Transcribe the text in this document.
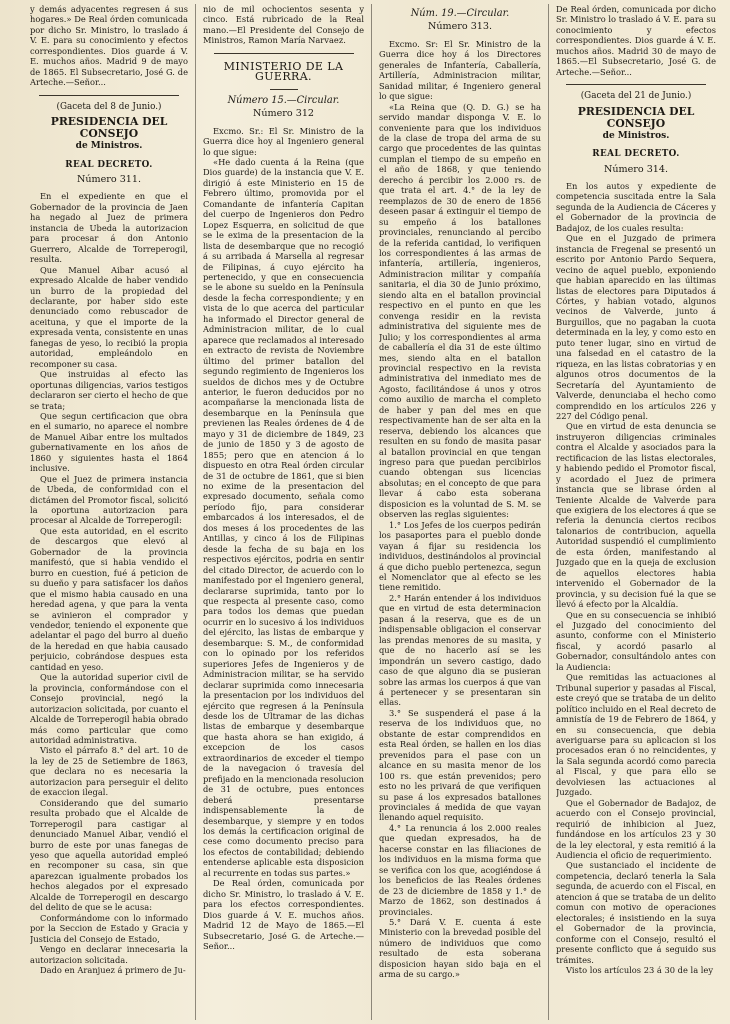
y demás adyacentes regresen á sus hogares.» De Real órden comunicada por dicho Sr. Ministro, lo traslado á V. E. para su conocimiento y efectos correspondientes. Dios guarde á V. E. muchos años. Madrid 9 de mayo de 1865. El Subsecretario, José G. de Arteche.—Señor...

(Gaceta del 8 de Junio.)
PRESIDENCIA DEL CONSEJO
de Ministros.
REAL DECRETO.
Número 311.

En el expediente en que el Gobernador de la provincia de Jaen ha negado al Juez de primera instancia de Ubeda la autorizacion para procesar á don Antonio Guerrero, Alcalde de Torreperogil, resulta.

Que Manuel Aibar acusó al expresado Alcalde de haber vendido un burro de la propiedad del declarante, por haber sido este denunciado como rebuscador de aceituna, y que el importe de la expresada venta, consistente en unas fanegas de yeso, lo recibió la propia autoridad, empleándolo en recomponer su casa.

Que instruidas al efecto las oportunas diligencias, varios testigos declararon ser cierto el hecho de que se trata;

Que segun certificacion que obra en el sumario, no aparece el nombre de Manuel Aibar entre los multados gubernativamente en los años de 1860 y siguientes hasta el 1864 inclusive.

Que el Juez de primera instancia de Ubeda, de conformidad con el dictámen del Promotor fiscal, solicitó la oportuna autorizacion para procesar al Alcalde de Torreperogil:

Que esta autoridad, en el escrito de descargos que elevó al Gobernador de la provincia manifestó, que si habia vendido el burro en cuestion, fué á peticion de su dueño y para satisfacer los daños que el mismo habia causado en una heredad agena, y que para la venta se avinieron el comprador y vendedor, teniendo el exponente que adelantar el pago del burro al dueño de la heredad en que habia causado perjuicio, cobrándose despues esta cantidad en yeso.

Que la autoridad superior civil de la provincia, conformándose con el Consejo provincial, negó la autorizacion solicitada, por cuanto el Alcalde de Torreperogil habia obrado más como particular que como autoridad administrativa.

Visto el párrafo 8.° del art. 10 de la ley de 25 de Setiembre de 1863, que declara no es necesaria la autorizacion para perseguir el delito de exaccion ilegal.

Considerando que del sumario resulta probado que el Alcalde de Torreperogil para castigar al denunciado Manuel Aibar, vendió el burro de este por unas fanegas de yeso que aquella autoridad empleó en recomponer su casa, sin que aparezcan igualmente probados los hechos alegados por el expresado Alcalde de Torreperogil en descargo del delito de que se le acusa:

Conformándome con lo informado por la Seccion de Estado y Gracia y Justicia del Consejo de Estado,

Vengo en declarar innecesaria la autorizacion solicitada.

Dado en Aranjuez á primero de Ju-

nio de mil ochocientos sesenta y cinco. Está rubricado de la Real mano.—El Presidente del Consejo de Ministros, Ramon María Narvaez.

MINISTERIO DE LA GUERRA.
Número 15.—Circular.
Número 312

Excmo. Sr.: El Sr. Ministro de la Guerra dice hoy al Ingeniero general lo que sigue:

«He dado cuenta á la Reina (que Dios guarde) de la instancia que V. E. dirigió á este Ministerio en 15 de Febrero último, promovida por el Comandante de infantería Capitan del cuerpo de Ingenieros don Pedro Lopez Esquerra, en solicitud de que se le exima de la presentacion de la lista de desembarque que no recogió á su arribada á Marsella al regresar de Filipinas, á cuyo ejército ha pertenecido, y que en consecuencia se le abone su sueldo en la Península desde la fecha correspondiente; y en vista de lo que acerca del particular ha informado el Director general de Administracion militar, de lo cual aparece que reclamados al interesado en extracto de revista de Noviembre último del primer batallon del segundo regimiento de Ingenieros los sueldos de dichos mes y de Octubre anterior, le fueron deducidos por no acompañarse la mencionada lista de desembarque en la Península que previenen las Reales órdenes de 4 de mayo y 31 de diciembre de 1849, 23 de junio de 1850 y 3 de agosto de 1855; pero que en atencion á lo dispuesto en otra Real órden circular de 31 de octubre de 1861, que si bien no exime de la presentacion del expresado documento, señala como período fijo, para considerar embarcados á los interesados, el de dos meses á los procedentes de las Antillas, y cinco á los de Filipinas desde la fecha de su baja en los respectivos ejércitos, podria en sentir del citado Director, de acuerdo con lo manifestado por el Ingeniero general, declararse suprimida, tanto por lo que respecta al presente caso, como para todos los demas que puedan ocurrir en lo sucesivo á los individuos del ejército, las listas de embarque y desembarque: S. M., de conformidad con lo opinado por los referidos superiores Jefes de Ingenieros y de Administracion militar, se ha servido declarar suprimida como innecesaria la presentacion por los individuos del ejército que regresen á la Península desde los de Ultramar de las dichas listas de embarque y desembarque que hasta ahora se han exigido, á excepcion de los casos extraordinarios de exceder el tiempo de la navegacion ó travesía del prefijado en la mencionada resolucion de 31 de octubre, pues entonces deberá presentarse indispensablemente la de desembarque, y siempre y en todos los demás la certificacion original de cese como documento preciso para los efectos de contabilidad; debiendo entenderse aplicable esta disposicion al recurrente en todas sus partes.»

De Real órden, comunicada por dicho Sr. Ministro, lo traslado á V. E. para los efectos correspondientes. Dios guarde á V. E. muchos años. Madrid 12 de Mayo de 1865.—El Subsecretario, José G. de Arteche.—Señor...

Núm. 19.—Circular.
Número 313.

Excmo. Sr: El Sr. Ministro de la Guerra dice hoy á los Directores generales de Infantería, Caballería, Artillería, Administracion militar, Sanidad militar, é Ingeniero general lo que sigue:

«La Reina que (Q. D. G.) se ha servido mandar disponga V. E. lo conveniente para que los individuos de la clase de tropa del arma de su cargo que procedentes de las quintas cumplan el tiempo de su empeño en el año de 1868, y que teniendo derecho á percibir los 2.000 rs. de que trata el art. 4.° de la ley de reemplazos de 30 de enero de 1856 deseen pasar á extinguir el tiempo de su empeño á los batallones provinciales, renunciando al percibo de la referida cantidad, lo verifiquen los correspondientes á las armas de infantería, artillería, ingenieros, Administracion militar y compañía sanitaria, el dia 30 de Junio próximo, siendo alta en el batallon provincial respectivo en el punto en que les convenga residir en la revista administrativa del siguiente mes de Julio; y los correspondientes al arma de caballería el dia 31 de este último mes, siendo alta en el batallon provincial respectivo en la revista administrativa del inmediato mes de Agosto, facilitándose á unos y otros como auxilio de marcha el completo de haber y pan del mes en que respectivamente han de ser alta en la reserva, debiendo los alcances que resulten en su fondo de masita pasar al batallon provincial en que tengan ingreso para que puedan percibirlos cuando obtengan sus licencias absolutas; en el concepto de que para llevar á cabo esta soberana disposicion es la voluntad de S. M. se observen las reglas siguientes:

1.° Los Jefes de los cuerpos pedirán los pasaportes para el pueblo donde vayan á fijar su residencia los individuos, destinándolos al provincial á que dicho pueblo pertenezca, segun el Nomenclator que al efecto se les tiene remitido.

2.° Harán entender á los individuos que en virtud de esta determinacion pasan á la reserva, que es de un indispensable obligacion el conservar las prendas menores de su masita, y que de no hacerlo así se les impondrán un severo castigo, dado caso de que alguno dia se pusieran sobre las armas los cuerpos á que van á pertenecer y se presentaran sin ellas.

3.° Se suspenderá el pase á la reserva de los individuos que, no obstante de estar comprendidos en esta Real órden, se hallen en los dias prevenidos para el pase con un alcance en su masita menor de los 100 rs. que están prevenidos; pero esto no les privará de que verifiquen su pase á los expresados batallones provinciales á medida de que vayan llenando aquel requisito.

4.° La renuncia á los 2.000 reales que quedan expresados, ha de hacerse constar en las filiaciones de los individuos en la misma forma que se verifica con los que, acogiéndose á los beneficios de las Reales órdenes de 23 de diciembre de 1858 y 1.° de Marzo de 1862, son destinados á provinciales.

5.° Dará V. E. cuenta á este Ministerio con la brevedad posible del número de individuos que como resultado de esta soberana disposicion hayan sido baja en el arma de su cargo.»

De Real órden, comunicada por dicho Sr. Ministro lo traslado á V. E. para su conocimiento y efectos correspondientes. Dios guarde á V. E. muchos años. Madrid 30 de mayo de 1865.—El Subsecretario, José G. de Arteche.—Señor...

(Gaceta del 21 de Junio.)
PRESIDENCIA DEL CONSEJO
de Ministros.
REAL DECRETO.
Número 314.

En los autos y expediente de competencia suscitada entre la Sala segunda de la Audiencia de Cáceres y el Gobernador de la provincia de Badajoz, de los cuales resulta:

Que en el Juzgado de primera instancia de Fregenal se presentó un escrito por Antonio Pardo Sequera, vecino de aquel pueblo, exponiendo que habian aparecido en las últimas listas de electores para Diputados á Córtes, y habian votado, algunos vecinos de Valverde, junto á Burguillos, que no pagaban la cuota determinada en la ley, y como esto en puto tener lugar, sino en virtud de una falsedad en el catastro de la riqueza, en las listas cobratorias y en algunos otros documentos de la Secretaría del Ayuntamiento de Valverde, denunciaba el hecho como comprendido en los artículos 226 y 227 del Código penal.

Que en virtud de esta denuncia se instruyeron diligencias criminales contra el Alcalde y asociados para la rectificacion de las listas electorales, y habiendo pedido el Promotor fiscal, y acordado el Juez de primera instancia que se librase órden al Teniente Alcalde de Valverde para que exigiera de los electores á que se referia la denuncia ciertos recibos talonarios de contribucion, aquella Autoridad suspendió el cumplimiento de esta órden, manifestando al Juzgado que en la queja de exclusion de aquellos electores habia intervenido el Gobernador de la provincia, y su decision fué la que se llevó á efecto por la Alcaldía.

Que en su consecuencia se inhibió el Juzgado del conocimiento del asunto, conforme con el Ministerio fiscal, y acordó pasarlo al Gobernador, consultándolo antes con la Audiencia:

Que remitidas las actuaciones al Tribunal superior y pasadas al Fiscal, este creyó que se trataba de un delito político incluido en el Real decreto de amnistía de 19 de Febrero de 1864, y en su consecuencia, que debia averiguarse para su aplicacion si los procesados eran ó no reincidentes, y la Sala segunda acordó como parecia al Fiscal, y que para ello se devolviesen las actuaciones al Juzgado.

Que el Gobernador de Badajoz, de acuerdo con el Consejo provincial, requirió de inhibicion al Juez, fundándose en los artículos 23 y 30 de la ley electoral, y esta remitió á la Audiencia el oficio de requerimiento.

Que sustanciado el incidente de competencia, declaró tenerla la Sala segunda, de acuerdo con el Fiscal, en atencion á que se trataba de un delito comun con motivo de operaciones electorales; é insistiendo en la suya el Gobernador de la provincia, conforme con el Consejo, resultó el presente conflicto que á seguido sus trámites.

Visto los artículos 23 á 30 de la ley
